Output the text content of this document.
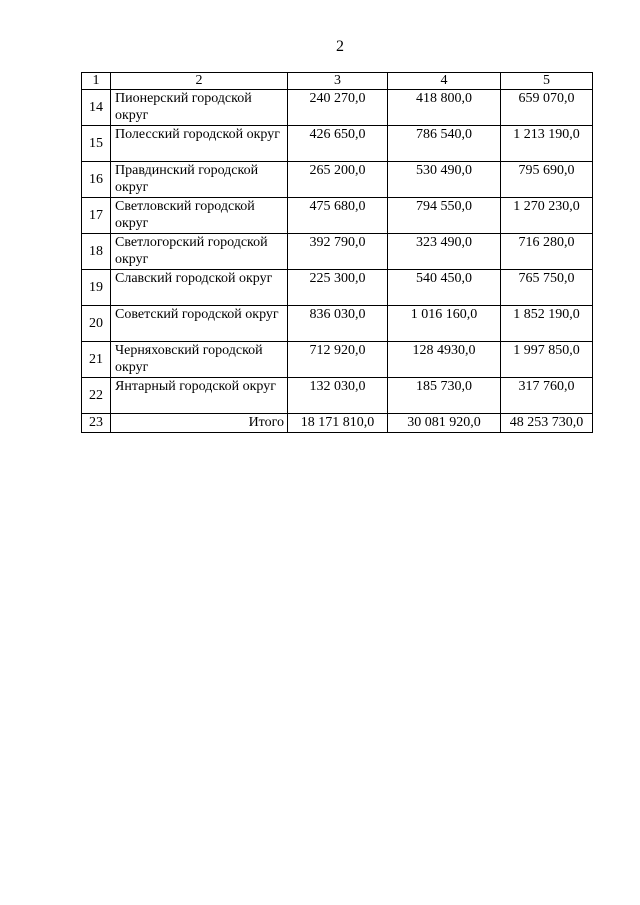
2
1	2	3	4	5
14	Пионерский городской округ	240 270,0	418 800,0	659 070,0
15	Полесский городской округ	426 650,0	786 540,0	1 213 190,0
16	Правдинский городской округ	265 200,0	530 490,0	795 690,0
17	Светловский городской округ	475 680,0	794 550,0	1 270 230,0
18	Светлогорский городской округ	392 790,0	323 490,0	716 280,0
19	Славский городской округ	225 300,0	540 450,0	765 750,0
20	Советский городской округ	836 030,0	1 016 160,0	1 852 190,0
21	Черняховский городской округ	712 920,0	128 4930,0	1 997 850,0
22	Янтарный городской округ	132 030,0	185 730,0	317 760,0
23	Итого	18 171 810,0	30 081 920,0	48 253 730,0
